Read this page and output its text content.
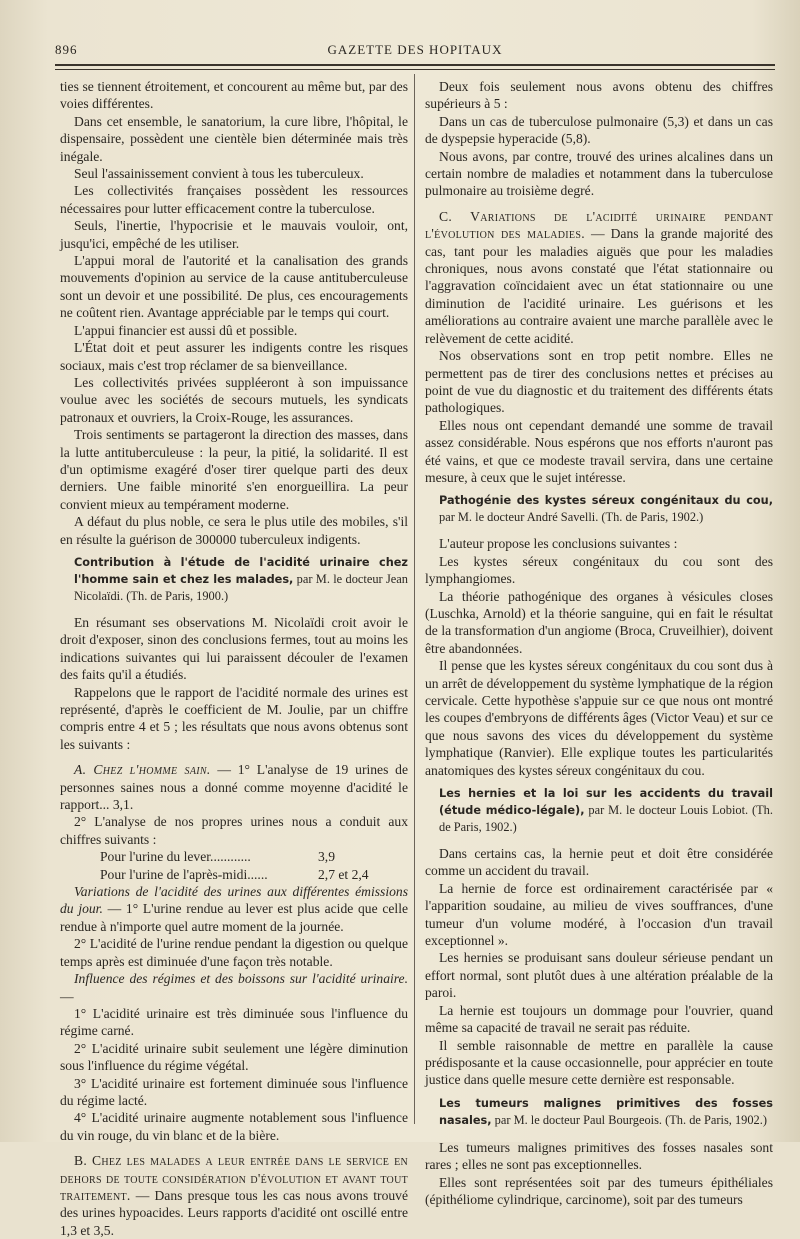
896	GAZETTE DES HOPITAUX

ties se tiennent étroitement, et concourent au même but, par des voies différentes.

Dans cet ensemble, le sanatorium, la cure libre, l'hôpital, le dispensaire, possèdent une cientèle bien déterminée mais très inégale.

Seul l'assainissement convient à tous les tuberculeux.

Les collectivités françaises possèdent les ressources nécessaires pour lutter efficacement contre la tuberculose.

Seuls, l'inertie, l'hypocrisie et le mauvais vouloir, ont, jusqu'ici, empêché de les utiliser.

L'appui moral de l'autorité et la canalisation des grands mouvements d'opinion au service de la cause antituberculeuse sont un devoir et une possibilité. De plus, ces encouragements ne coûtent rien. Avantage appréciable par le temps qui court.

L'appui financier est aussi dû et possible.

L'État doit et peut assurer les indigents contre les risques sociaux, mais c'est trop réclamer de sa bienveillance.

Les collectivités privées suppléeront à son impuissance voulue avec les sociétés de secours mutuels, les syndicats patronaux et ouvriers, la Croix-Rouge, les assurances.

Trois sentiments se partageront la direction des masses, dans la lutte antituberculeuse : la peur, la pitié, la solidarité. Il est d'un optimisme exagéré d'oser tirer quelque parti des deux derniers. Une faible minorité s'en enorgueillira. La peur convient mieux au tempérament moderne.

A défaut du plus noble, ce sera le plus utile des mobiles, s'il en résulte la guérison de 300000 tuberculeux indigents.

Contribution à l'étude de l'acidité urinaire chez l'homme sain et chez les malades, par M. le docteur Jean Nicolaïdi. (Th. de Paris, 1900.)

En résumant ses observations M. Nicolaïdi croit avoir le droit d'exposer, sinon des conclusions fermes, tout au moins les indications suivantes qui lui paraissent découler de l'examen des faits qu'il a étudiés.

Rappelons que le rapport de l'acidité normale des urines est représenté, d'après le coefficient de M. Joulie, par un chiffre compris entre 4 et 5 ; les résultats que nous avons obtenus sont les suivants :

A. Chez l'homme sain. — 1° L'analyse de 19 urines de personnes saines nous a donné comme moyenne d'acidité le rapport... 3,1.

2° L'analyse de nos propres urines nous a conduit aux chiffres suivants :

Pour l'urine du lever............	3,9
Pour l'urine de l'après-midi......	2,7 et 2,4

Variations de l'acidité des urines aux différentes émissions du jour. — 1° L'urine rendue au lever est plus acide que celle rendue à n'importe quel autre moment de la journée.

2° L'acidité de l'urine rendue pendant la digestion ou quelque temps après est diminuée d'une façon très notable.

Influence des régimes et des boissons sur l'acidité urinaire. —

1° L'acidité urinaire est très diminuée sous l'influence du régime carné.

2° L'acidité urinaire subit seulement une légère diminution sous l'influence du régime végétal.

3° L'acidité urinaire est fortement diminuée sous l'influence du régime lacté.

4° L'acidité urinaire augmente notablement sous l'influence du vin rouge, du vin blanc et de la bière.

B. Chez les malades a leur entrée dans le service en dehors de toute considération d'évolution et avant tout traitement. — Dans presque tous les cas nous avons trouvé des urines hypoacides. Leurs rapports d'acidité ont oscillé entre 1,3 et 3,5.

Deux fois seulement nous avons obtenu des chiffres supérieurs à 5 :

Dans un cas de tuberculose pulmonaire (5,3) et dans un cas de dyspepsie hyperacide (5,8).

Nous avons, par contre, trouvé des urines alcalines dans un certain nombre de maladies et notamment dans la tuberculose pulmonaire au troisième degré.

C. Variations de l'acidité urinaire pendant l'évolution des maladies. — Dans la grande majorité des cas, tant pour les maladies aiguës que pour les maladies chroniques, nous avons constaté que l'état stationnaire ou l'aggravation coïncidaient avec un état stationnaire ou une diminution de l'acidité urinaire. Les guérisons et les améliorations au contraire avaient une marche parallèle avec le relèvement de cette acidité.

Nos observations sont en trop petit nombre. Elles ne permettent pas de tirer des conclusions nettes et précises au point de vue du diagnostic et du traitement des différents états pathologiques.

Elles nous ont cependant demandé une somme de travail assez considérable. Nous espérons que nos efforts n'auront pas été vains, et que ce modeste travail servira, dans une certaine mesure, à ceux que le sujet intéresse.

Pathogénie des kystes séreux congénitaux du cou, par M. le docteur André Savelli. (Th. de Paris, 1902.)

L'auteur propose les conclusions suivantes :

Les kystes séreux congénitaux du cou sont des lymphangiomes.

La théorie pathogénique des organes à vésicules closes (Luschka, Arnold) et la théorie sanguine, qui en fait le résultat de la transformation d'un angiome (Broca, Cruveilhier), doivent être abandonnées.

Il pense que les kystes séreux congénitaux du cou sont dus à un arrêt de développement du système lymphatique de la région cervicale. Cette hypothèse s'appuie sur ce que nous ont montré les coupes d'embryons de différents âges (Victor Veau) et sur ce que nous savons des vices du développement du système lymphatique (Ranvier). Elle explique toutes les particularités anatomiques des kystes séreux congénitaux du cou.

Les hernies et la loi sur les accidents du travail (étude médico-légale), par M. le docteur Louis Lobiot. (Th. de Paris, 1902.)

Dans certains cas, la hernie peut et doit être considérée comme un accident du travail.

La hernie de force est ordinairement caractérisée par « l'apparition soudaine, au milieu de vives souffrances, d'une tumeur d'un volume modéré, à l'occasion d'un travail exceptionnel ».

Les hernies se produisant sans douleur sérieuse pendant un effort normal, sont plutôt dues à une altération préalable de la paroi.

La hernie est toujours un dommage pour l'ouvrier, quand même sa capacité de travail ne serait pas réduite.

Il semble raisonnable de mettre en parallèle la cause prédisposante et la cause occasionnelle, pour apprécier en toute justice dans quelle mesure cette dernière est responsable.

Les tumeurs malignes primitives des fosses nasales, par M. le docteur Paul Bourgeois. (Th. de Paris, 1902.)

Les tumeurs malignes primitives des fosses nasales sont rares ; elles ne sont pas exceptionnelles.

Elles sont représentées soit par des tumeurs épithéliales (épithéliome cylindrique, carcinome), soit par des tumeurs
